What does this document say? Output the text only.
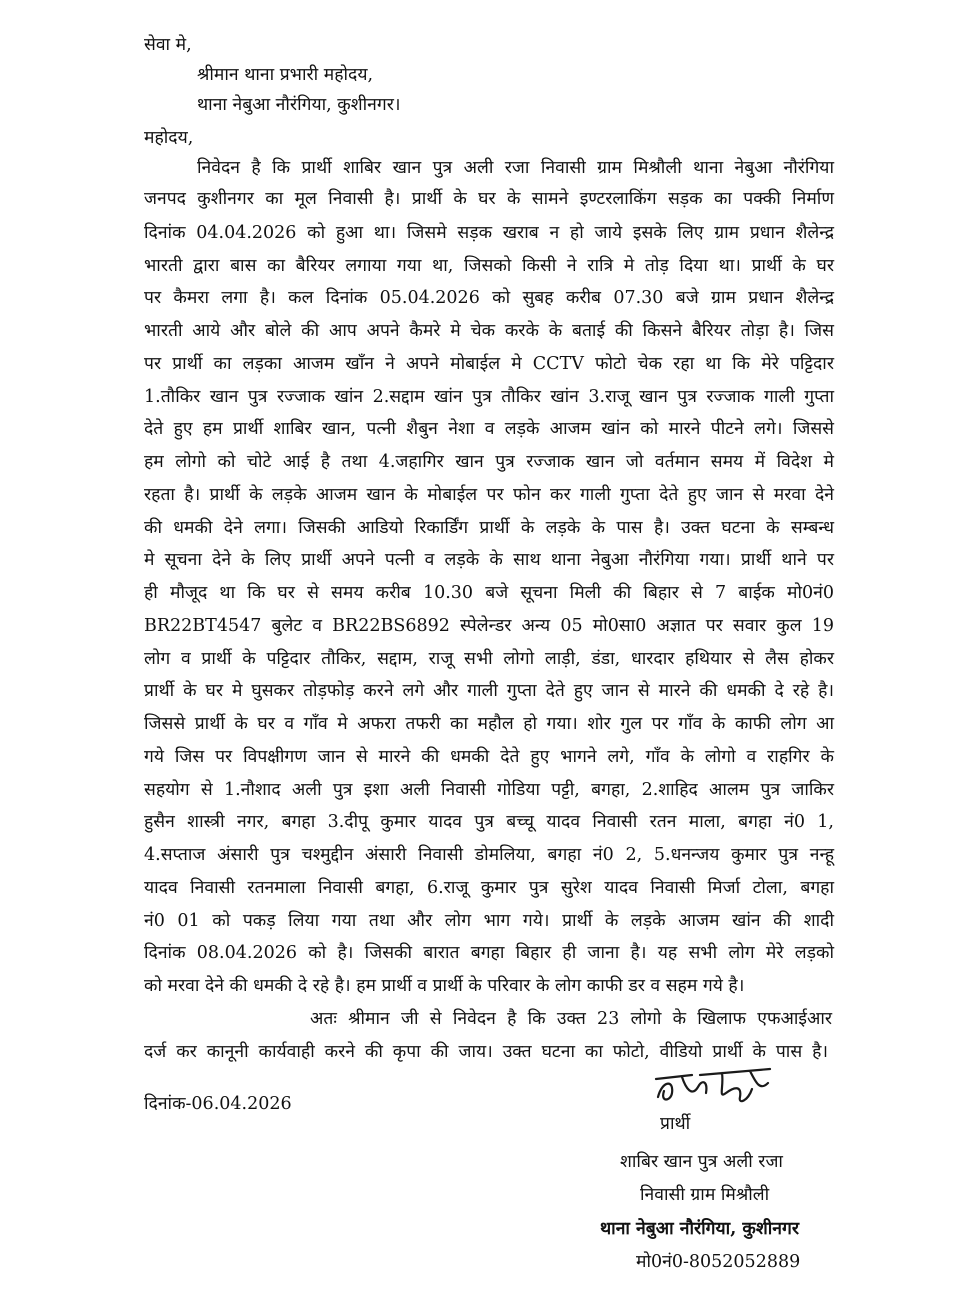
सेवा मे,
श्रीमान थाना प्रभारी महोदय,
थाना नेबुआ नौरंगिया, कुशीनगर।
महोदय,
निवेदन है कि प्रार्थी शाबिर खान पुत्र अली रजा निवासी ग्राम मिश्रौली थाना नेबुआ नौरंगिया
जनपद कुशीनगर का मूल निवासी है। प्रार्थी के घर के सामने इण्टरलाकिंग सड़क का पक्की निर्माण
दिनांक 04.04.2026 को हुआ था। जिसमे सड़क खराब न हो जाये इसके लिए ग्राम प्रधान शैलेन्द्र
भारती द्वारा बास का बैरियर लगाया गया था, जिसको किसी ने रात्रि मे तोड़ दिया था। प्रार्थी के घर
पर कैमरा लगा है। कल दिनांक 05.04.2026 को सुबह करीब 07.30 बजे ग्राम प्रधान शैलेन्द्र
भारती आये और बोले की आप अपने कैमरे मे चेक करके के बताई की किसने बैरियर तोड़ा है। जिस
पर प्रार्थी का लड़का आजम खाँन ने अपने मोबाईल मे CCTV फोटो चेक रहा था कि मेरे पट्टिदार
1.तौकिर खान पुत्र रज्जाक खांन 2.सद्दाम खांन पुत्र तौकिर खांन 3.राजू खान पुत्र रज्जाक गाली गुप्ता
देते हुए हम प्रार्थी शाबिर खान, पत्नी शैबुन नेशा व लड़के आजम खांन को मारने पीटने लगे। जिससे
हम लोगो को चोटे आई है तथा 4.जहागिर खान पुत्र रज्जाक खान जो वर्तमान समय में विदेश मे
रहता है। प्रार्थी के लड़के आजम खान के मोबाईल पर फोन कर गाली गुप्ता देते हुए जान से मरवा देने
की धमकी देने लगा। जिसकी आडियो रिकार्डिंग प्रार्थी के लड़के के पास है। उक्त घटना के सम्बन्ध
मे सूचना देने के लिए प्रार्थी अपने पत्नी व लड़के के साथ थाना नेबुआ नौरंगिया गया। प्रार्थी थाने पर
ही मौजूद था कि घर से समय करीब 10.30 बजे सूचना मिली की बिहार से 7 बाईक मो0नं0
BR22BT4547 बुलेट व BR22BS6892 स्पेलेन्डर अन्य 05 मो0सा0 अज्ञात पर सवार कुल 19
लोग व प्रार्थी के पट्टिदार तौकिर, सद्दाम, राजू सभी लोगो लाड़ी, डंडा, धारदार हथियार से लैस होकर
प्रार्थी के घर मे घुसकर तोड़फोड़ करने लगे और गाली गुप्ता देते हुए जान से मारने की धमकी दे रहे है।
जिससे प्रार्थी के घर व गाँव मे अफरा तफरी का महौल हो गया। शोर गुल पर गाँव के काफी लोग आ
गये जिस पर विपक्षीगण जान से मारने की धमकी देते हुए भागने लगे, गाँव के लोगो व राहगिर के
सहयोग से 1.नौशाद अली पुत्र इशा अली निवासी गोडिया पट्टी, बगहा, 2.शाहिद आलम पुत्र जाकिर
हुसैन शास्त्री नगर, बगहा 3.दीपू कुमार यादव पुत्र बच्चू यादव निवासी रतन माला, बगहा नं0 1,
4.सप्ताज अंसारी पुत्र चश्मुद्दीन अंसारी निवासी डोमलिया, बगहा नं0 2, 5.धनन्जय कुमार पुत्र नन्हू
यादव निवासी रतनमाला निवासी बगहा, 6.राजू कुमार पुत्र सुरेश यादव निवासी मिर्जा टोला, बगहा
नं0 01 को पकड़ लिया गया तथा और लोग भाग गये। प्रार्थी के लड़के आजम खांन की शादी
दिनांक 08.04.2026 को है। जिसकी बारात बगहा बिहार ही जाना है। यह सभी लोग मेरे लड़को
को मरवा देने की धमकी दे रहे है। हम प्रार्थी व प्रार्थी के परिवार के लोग काफी डर व सहम गये है।
अतः श्रीमान जी से निवेदन है कि उक्त 23 लोगो के खिलाफ एफआईआर
दर्ज कर कानूनी कार्यवाही करने की कृपा की जाय। उक्त घटना का फोटो, वीडियो प्रार्थी के पास है।
दिनांक-06.04.2026
प्रार्थी
शाबिर खान पुत्र अली रजा
निवासी ग्राम मिश्रौली
थाना नेबुआ नौरंगिया, कुशीनगर
मो0नं0-8052052889
